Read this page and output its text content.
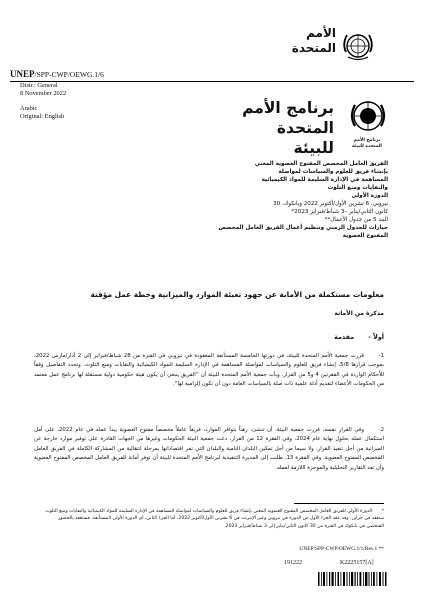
الأمم
المتحدة
UNEP/SPP-CWP/OEWG.1/6
Distr.: General
8 November 2022
Arabic
Original: English
برنامج الأمم
المتحدة للبيئة
برنامج الأمم
المتحدة للبيئة
الفريق العامل المخصص المفتوح العضوية المعني
بإنشاء فريق للعلوم والسياسات لمواصلة
المساهمة في الإدارة السليمة للمواد الكيميائية
والنفايات ومنع التلوث
الدورة الأولى
نيروبي، 6 تشرين الأول/أكتوبر 2022 وبانكوك، 30
كانون الثاني/يناير –3 شباط/فبراير 2023*
البند 5 من جدول الأعمال**
خيارات للجدول الزمني وتنظيم أعمال الفريق العامل المخصص
المفتوح العضوية
معلومات مستكملة من الأمانة عن جهود تعبئة الموارد والميزانية وخطة عمل مؤقتة
مذكرة من الأمانة
أولاً -مقدمة
1-قررت جمعية الأمم المتحدة للبيئة، في دورتها الخامسة المستأنفة المعقودة في نيروبي في الفترة من 28 شباط/فبراير إلى 2 آذار/مارس 2022، بموجب قرارها 5/8، إنشاء فريق للعلوم والسياسات لمواصلة المساهمة في الإدارة السليمة للمواد الكيميائية والنفايات ومنع التلوث. وتحدد التفاصيل وفقاً للأحكام الواردة في الفقرتين 4 و5 من القرار. وبأت جمعية الأمم المتحدة للبيئة أن ''الفريق ينبغي أن يكون هيئة حكومية دولية مستقلة لها برنامج عمل معتمد من الحكومات الأعضاء لتقديم أدلة علمية ذات صلة بالسياسات العامة دون أن تكون إلزامية لها''.
2-وفي القرار نفسه، قررت جمعية البيئة، أن تنشئ، رهناً بتوافر الموارد، فريقاً عاملاً مخصصاً مفتوح العضوية يبدأ عمله في عام 2022، على أمل استكمال عمله بحلول نهاية عام 2024، وفي الفقرة 12 من القرار، دعت جمعية البيئة الحكومات وغيرها من الجهات القادرة على توفير موارد خارجة عن الميزانية من أجل تنفيذ القرار، ولا سيما من أجل تمكين البلدان النامية والبلدان التي تمر اقتصاداتها بمرحلة انتقالية من المشاركة الكاملة في الفريق العامل المخصص المفتوح العضوية. وفي الفقرة 13، طلبت إلى المديرة التنفيذية لبرنامج الأمم المتحدة للبيئة أن توفر أمانة للفريق العامل المخصص المفتوح العضوية وأن تعد التقارير التحليلية والموجزة اللازمة لعمله.
*الدورة الأولى للفريق العامل المخصص المفتوح العضوية المعني بإنشاء فريق للعلوم والسياسات لمواصلة المساهمة في الإدارة السليمة للمواد الكيميائية والنفايات ومنع التلوث ستعقد في جزأين. وقد عقد الجزء الأول من الدورة في نيروبي وعبر الإنترنت في 6 تشرين الأول/أكتوبر 2022، أما الجزء الثاني، أي الدورة الأولى المستأنفة، فستعقد بالحضور الشخصي في بانكوك في الفترة من 30 كانون الثاني/يناير إلى 3 شباط/فبراير 2023.
** UNEP/SPP-CWP/OEWG.1/1/Rev.1.
191222	K2225157[A]
